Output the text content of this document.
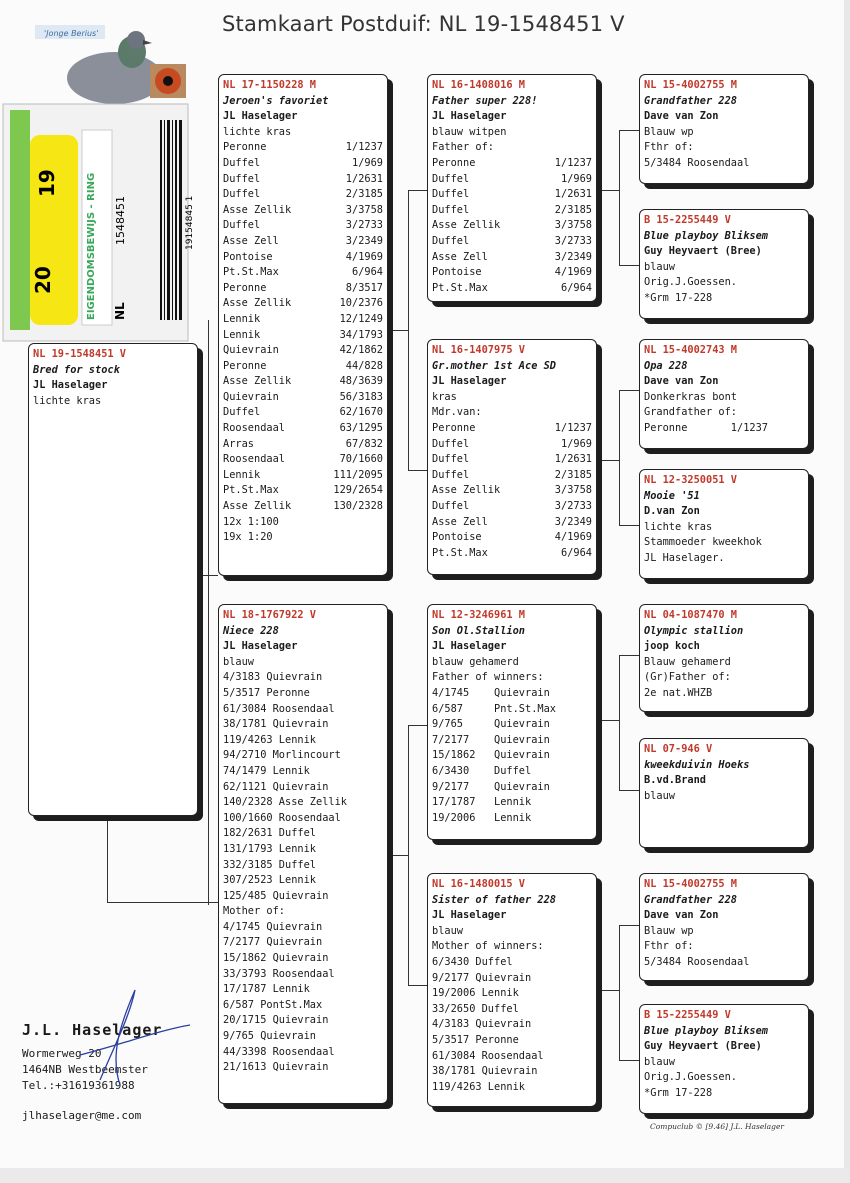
Stamkaart Postduif: NL 19-1548451 V
'Jonge Berius'
20
19	EIGENDOMSBEWIJS - RING NL
1548451	19154845 1
NL 19-1548451 V
Bred for stock
JL Haselager
lichte kras
NL 17-1150228 M
Jeroen's favoriet
JL Haselager
lichte kras
Peronne	1/1237
Duffel	1/969
Duffel	1/2631
Duffel	2/3185
Asse Zellik	3/3758
Duffel	3/2733
Asse Zell	3/2349
Pontoise	4/1969
Pt.St.Max	6/964
Peronne	8/3517
Asse Zellik	10/2376
Lennik	12/1249
Lennik	34/1793
Quievrain	42/1862
Peronne	44/828
Asse Zellik	48/3639
Quievrain	56/3183
Duffel	62/1670
Roosendaal	63/1295
Arras	67/832
Roosendaal	70/1660
Lennik	111/2095
Pt.St.Max	129/2654
Asse Zellik	130/2328
12x 1:100
19x 1:20
NL 18-1767922 V
Niece 228
JL Haselager
blauw
4/3183 Quievrain
5/3517 Peronne
61/3084 Roosendaal
38/1781 Quievrain
119/4263 Lennik
94/2710 Morlincourt
74/1479 Lennik
62/1121 Quievrain
140/2328 Asse Zellik
100/1660 Roosendaal
182/2631 Duffel
131/1793 Lennik
332/3185 Duffel
307/2523 Lennik
125/485 Quievrain
Mother of:
4/1745 Quievrain
7/2177 Quievrain
15/1862 Quievrain
33/3793 Roosendaal
17/1787 Lennik
6/587 PontSt.Max
20/1715 Quievrain
9/765 Quievrain
44/3398 Roosendaal
21/1613 Quievrain
NL 16-1408016 M
Father super 228!
JL Haselager
blauw witpen
Father of:
Peronne	1/1237
Duffel	1/969
Duffel	1/2631
Duffel	2/3185
Asse Zellik	3/3758
Duffel	3/2733
Asse Zell	3/2349
Pontoise	4/1969
Pt.St.Max	6/964
NL 16-1407975 V
Gr.mother 1st Ace SD
JL Haselager
kras
Mdr.van:
Peronne	1/1237
Duffel	1/969
Duffel	1/2631
Duffel	2/3185
Asse Zellik	3/3758
Duffel	3/2733
Asse Zell	3/2349
Pontoise	4/1969
Pt.St.Max	6/964
NL 12-3246961 M
Son Ol.Stallion
JL Haselager
blauw gehamerd
Father of winners:
4/1745	Quievrain
6/587	Pnt.St.Max
9/765	Quievrain
7/2177	Quievrain
15/1862	Quievrain
6/3430	Duffel
9/2177	Quievrain
17/1787	Lennik
19/2006	Lennik
NL 16-1480015 V
Sister of father 228
JL Haselager
blauw
Mother of winners:
6/3430 Duffel
9/2177 Quievrain
19/2006 Lennik
33/2650 Duffel
4/3183 Quievrain
5/3517 Peronne
61/3084 Roosendaal
38/1781 Quievrain
119/4263 Lennik
NL 15-4002755 M
Grandfather 228
Dave van Zon
Blauw wp
Fthr of:
5/3484 Roosendaal
B 15-2255449 V
Blue playboy Bliksem
Guy Heyvaert (Bree)
blauw
Orig.J.Goessen.
*Grm 17-228
NL 15-4002743 M
Opa 228
Dave van Zon
Donkerkras bont
Grandfather of:
Peronne       1/1237
NL 12-3250051 V
Mooie '51
D.van Zon
lichte kras
Stammoeder kweekhok
JL Haselager.
NL 04-1087470 M
Olympic stallion
joop koch
Blauw gehamerd
(Gr)Father of:
2e nat.WHZB
NL 07-946 V
kweekduivin Hoeks
B.vd.Brand
blauw
NL 15-4002755 M
Grandfather 228
Dave van Zon
Blauw wp
Fthr of:
5/3484 Roosendaal
B 15-2255449 V
Blue playboy Bliksem
Guy Heyvaert (Bree)
blauw
Orig.J.Goessen.
*Grm 17-228
J.L. Haselager
Wormerweg 20
1464NB Westbeemster
Tel.:+31619361988
jlhaselager@me.com
Compuclub © [9.46] J.L. Haselager
